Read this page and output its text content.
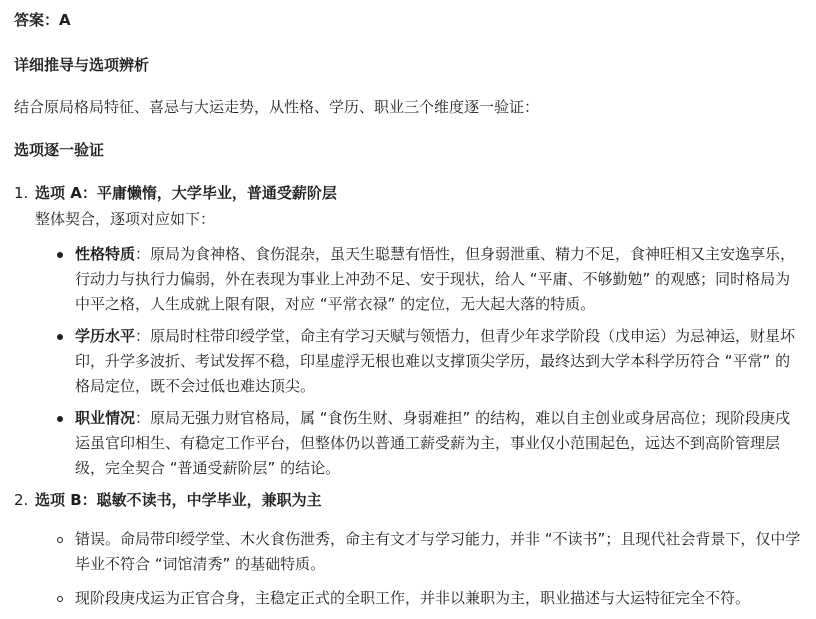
答案：A
详细推导与选项辨析
结合原局格局特征、喜忌与大运走势，从性格、学历、职业三个维度逐一验证：
选项逐一验证
1. 选项 A：平庸懒惰，大学毕业，普通受薪阶层
整体契合，逐项对应如下：
性格特质：原局为食神格、食伤混杂，虽天生聪慧有悟性，但身弱泄重、精力不足，食神旺相又主安逸享乐，行动力与执行力偏弱，外在表现为事业上冲劲不足、安于现状，给人 “平庸、不够勤勉” 的观感；同时格局为中平之格，人生成就上限有限，对应 “平常衣禄” 的定位，无大起大落的特质。
学历水平：原局时柱带印绶学堂，命主有学习天赋与领悟力，但青少年求学阶段（戊申运）为忌神运，财星坏印，升学多波折、考试发挥不稳，印星虚浮无根也难以支撑顶尖学历，最终达到大学本科学历符合 “平常” 的格局定位，既不会过低也难达顶尖。
职业情况：原局无强力财官格局，属 “食伤生财、身弱难担” 的结构，难以自主创业或身居高位；现阶段庚戌运虽官印相生、有稳定工作平台，但整体仍以普通工薪受薪为主，事业仅小范围起色，远达不到高阶管理层级，完全契合 “普通受薪阶层” 的结论。
2. 选项 B：聪敏不读书，中学毕业，兼职为主
错误。命局带印绶学堂、木火食伤泄秀，命主有文才与学习能力，并非 “不读书”；且现代社会背景下，仅中学毕业不符合 “词馆清秀” 的基础特质。
现阶段庚戌运为正官合身，主稳定正式的全职工作，并非以兼职为主，职业描述与大运特征完全不符。
